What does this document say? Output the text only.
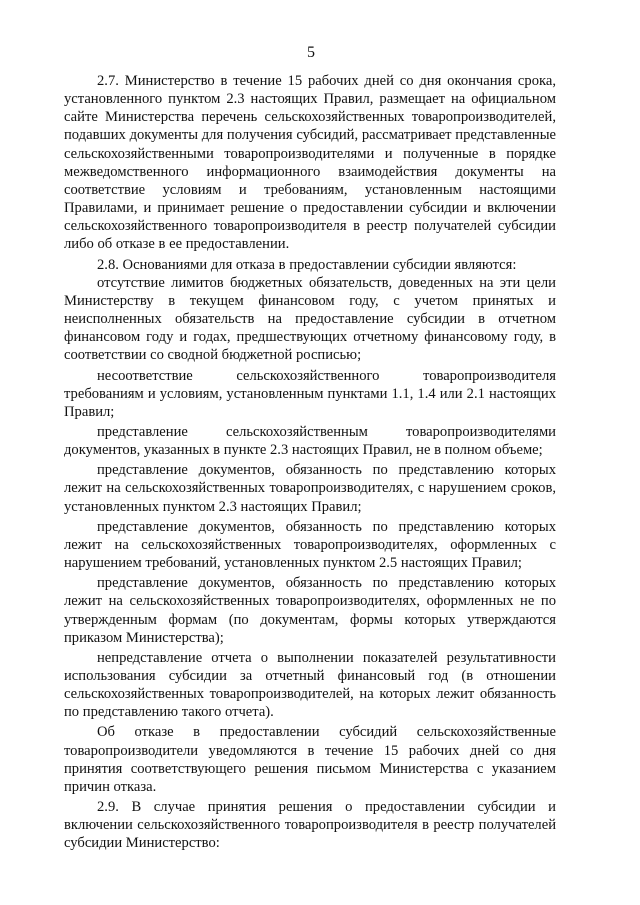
5

2.7. Министерство в течение 15 рабочих дней со дня окончания срока, установленного пунктом 2.3 настоящих Правил, размещает на официальном сайте Министерства перечень сельскохозяйственных товаропроизводителей, подавших документы для получения субсидий, рассматривает представленные сельскохозяйственными товаропроизводителями и полученные в порядке межведомственного информационного взаимодействия документы на соответствие условиям и требованиям, установленным настоящими Правилами, и принимает решение о предоставлении субсидии и включении сельскохозяйственного товаропроизводителя в реестр получателей субсидии либо об отказе в ее предоставлении.

2.8. Основаниями для отказа в предоставлении субсидии являются:

отсутствие лимитов бюджетных обязательств, доведенных на эти цели Министерству в текущем финансовом году, с учетом принятых и неисполненных обязательств на предоставление субсидии в отчетном финансовом году и годах, предшествующих отчетному финансовому году, в соответствии со сводной бюджетной росписью;

несоответствие сельскохозяйственного товаропроизводителя требованиям и условиям, установленным пунктами 1.1, 1.4 или 2.1 настоящих Правил;

представление сельскохозяйственным товаропроизводителями документов, указанных в пункте 2.3 настоящих Правил, не в полном объеме;

представление документов, обязанность по представлению которых лежит на сельскохозяйственных товаропроизводителях, с нарушением сроков, установленных пунктом 2.3 настоящих Правил;

представление документов, обязанность по представлению которых лежит на сельскохозяйственных товаропроизводителях, оформленных с нарушением требований, установленных пунктом 2.5 настоящих Правил;

представление документов, обязанность по представлению которых лежит на сельскохозяйственных товаропроизводителях, оформленных не по утвержденным формам (по документам, формы которых утверждаются приказом Министерства);

непредставление отчета о выполнении показателей результативности использования субсидии за отчетный финансовый год (в отношении сельскохозяйственных товаропроизводителей, на которых лежит обязанность по представлению такого отчета).

Об отказе в предоставлении субсидий сельскохозяйственные товаропроизводители уведомляются в течение 15 рабочих дней со дня принятия соответствующего решения письмом Министерства с указанием причин отказа.

2.9. В случае принятия решения о предоставлении субсидии и включении сельскохозяйственного товаропроизводителя в реестр получателей субсидии Министерство:
